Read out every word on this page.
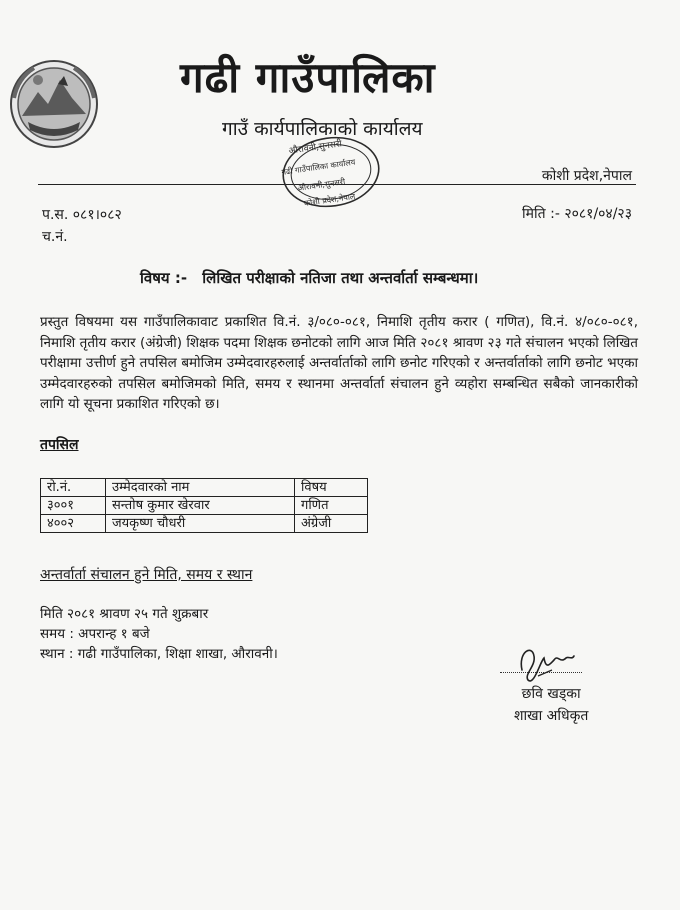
गढी गाउँपालिका
गाउँ कार्यपालिकाको कार्यालय
कोशी प्रदेश,नेपाल
औरावनी,सुनसरी
गढी गाउँपालिका कार्यालय
औरावनी,सुनसरी
कोशी प्रदेश,नेपाल
प.स. ०८१।०८२
च.नं.
मिति :- २०८१/०४/२३
विषय :- लिखित परीक्षाको नतिजा तथा अन्तर्वार्ता सम्बन्धमा।
प्रस्तुत विषयमा यस गाउँपालिकावाट प्रकाशित वि.नं. ३/०८०-०८१, निमाशि तृतीय करार ( गणित), वि.नं. ४/०८०-०८१, निमाशि तृतीय करार (अंग्रेजी) शिक्षक पदमा शिक्षक छनोटको लागि आज मिति २०८१ श्रावण २३ गते संचालन भएको लिखित परीक्षामा उत्तीर्ण हुने तपसिल बमोजिम उम्मेदवारहरुलाई अन्तर्वार्ताको लागि छनोट गरिएको र अन्तर्वार्ताको लागि छनोट भएका उम्मेदवारहरुको तपसिल बमोजिमको मिति, समय र स्थानमा अन्तर्वार्ता संचालन हुने व्यहोरा सम्बन्धित सबैको जानकारीको लागि यो सूचना प्रकाशित गरिएको छ।
तपसिल
रो.नं.	उम्मेदवारको नाम	विषय
३००१	सन्तोष कुमार खेरवार	गणित
४००२	जयकृष्ण चौधरी	अंग्रेजी
अन्तर्वार्ता संचालन हुने मिति, समय र स्थान
मिति २०८१ श्रावण २५ गते शुक्रबार
समय : अपरान्ह १ बजे
स्थान : गढी गाउँपालिका, शिक्षा शाखा, औरावनी।
छवि खड्का
शाखा अधिकृत
